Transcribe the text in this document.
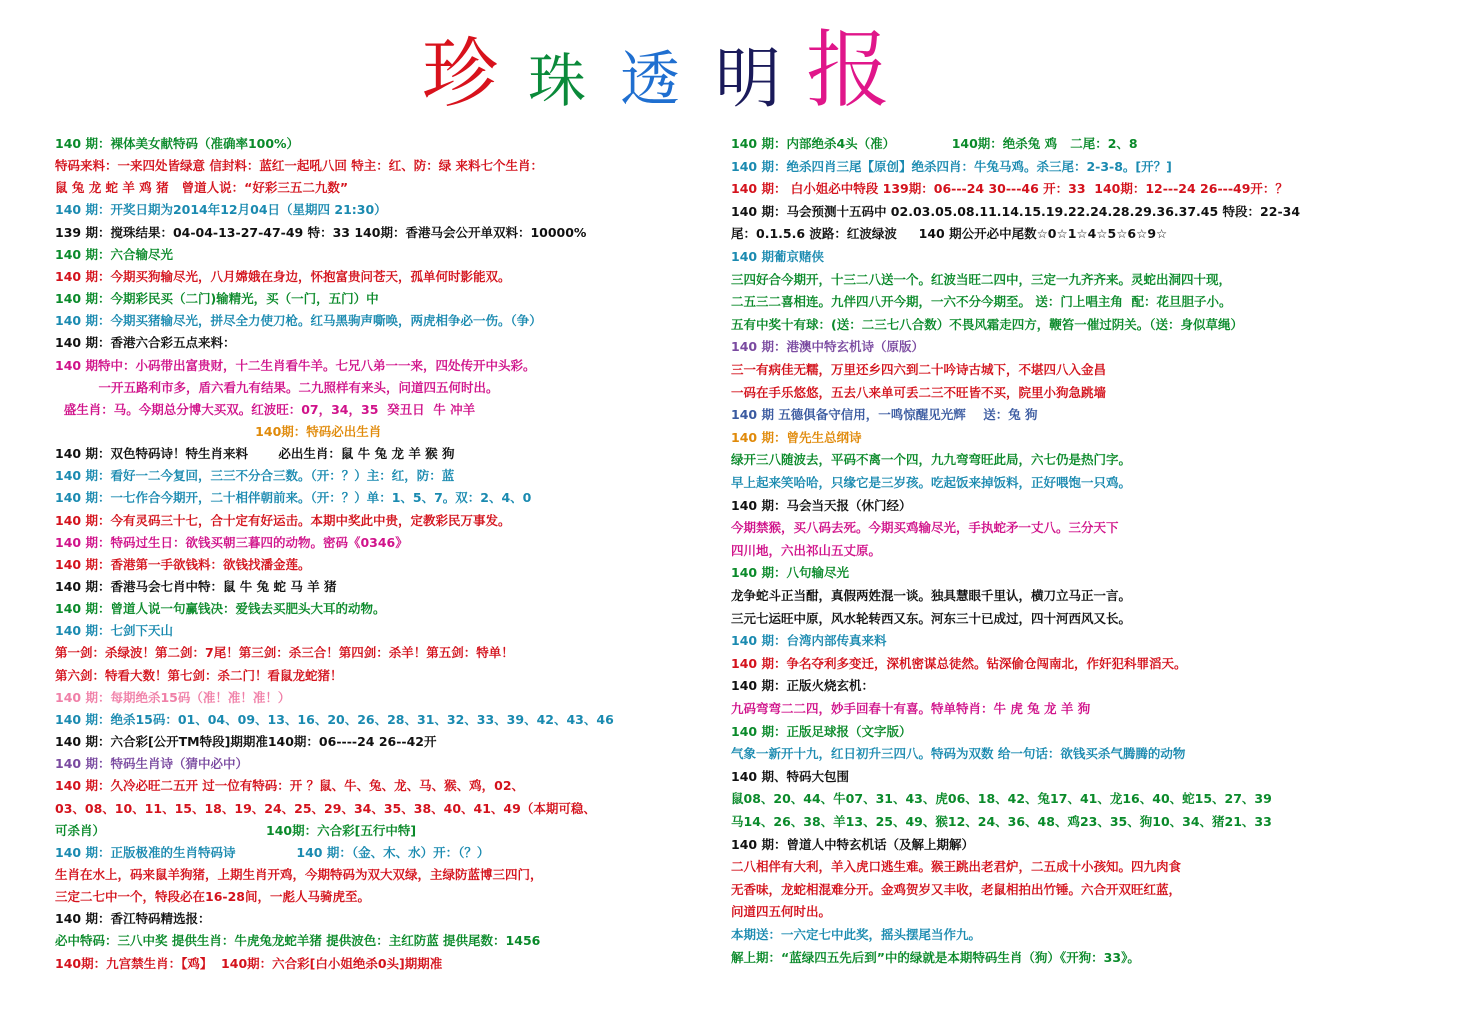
珍 珠 透 明 报
140 期：裸体美女献特码（准确率100%）
特码来料：一来四处皆绿意 信封料：蓝红一起吼八回 特主：红、防：绿 来料七个生肖：
鼠 兔 龙 蛇 羊 鸡 猪   曾道人说：“好彩三五二九数”
140 期：开奖日期为2014年12月04日（星期四 21:30）
139 期：搅珠结果：04-04-13-27-47-49 特：33 140期：香港马会公开单双料：10000%
140 期：六合输尽光
140 期：今期买狗输尽光，八月嫦娥在身边，怀抱富贵问苍天，孤单何时影能双。
140 期：今期彩民买（二门)输精光，买（一门，五门）中
140 期：今期买猪输尽光，拼尽全力使刀枪。红马黑驹声嘶唤，两虎相争必一伤。（争）
140 期：香港六合彩五点来料：
140 期特中：小码带出富贵财，十二生肖看牛羊。七兄八弟一一来，四处传开中头彩。
一开五路利市多，盾六看九有结果。二九照样有来头，问道四五何时出。
盛生肖：马。今期总分博大买双。红波旺：07，34，35  癸丑日  牛 冲羊
140期：特码必出生肖
140 期：双色特码诗！特生肖来料       必出生肖：鼠 牛 兔 龙 羊 猴 狗
140 期：看好一二今复回，三三不分合三数。（开：？）主：红，防：蓝
140 期：一七作合今期开，二十相伴朝前来。（开：？）单：1、5、7。双：2、4、0
140 期：今有灵码三十七，合十定有好运击。本期中奖此中贵，定教彩民万事发。
140 期：特码过生日：欲钱买朝三暮四的动物。密码《0346》
140 期：香港第一手欲钱料：欲钱找潘金莲。
140 期：香港马会七肖中特：鼠 牛 兔 蛇 马 羊 猪
140 期：曾道人说一句赢钱决：爱钱去买肥头大耳的动物。
140 期：七剑下天山
第一剑：杀绿波！第二剑：7尾！第三剑：杀三合！第四剑：杀羊！第五剑：特单！
第六剑：特看大数！第七剑：杀二门！看鼠龙蛇猪！
140 期：每期绝杀15码（准！准！准！）
140 期：绝杀15码：01、04、09、13、16、20、26、28、31、32、33、39、42、43、46
140 期：六合彩[公开TM特段]期期准140期：06----24 26--42开
140 期：特码生肖诗（猜中必中）
140 期：久冷必旺二五开 过一位有特码：开 ？鼠、牛、兔、龙、马、猴、鸡，02、
03、08、10、11、15、18、19、24、25、29、34、35、38、40、41、49（本期可稳、
可杀肖）                                     140期：六合彩[五行中特]
140 期：正版极准的生肖特码诗              140 期：（金、木、水）开：（？）
生肖在水上，码来鼠羊狗猪，上期生肖开鸡，今期特码为双大双绿，主绿防蓝博三四门，
三定二七中一个，特段必在16-28间，一彪人马骑虎至。
140 期：香江特码精选报：
必中特码：三八中奖 提供生肖：牛虎兔龙蛇羊猪 提供波色：主红防蓝 提供尾数：1456
140期：九宫禁生肖：【鸡】  140期：六合彩[白小姐绝杀0头]期期准
140 期：内部绝杀4头（准）             140期：绝杀兔 鸡   二尾：2、8
140 期：绝杀四肖三尾【原创】绝杀四肖：牛兔马鸡。杀三尾：2-3-8。[开？]
140 期： 白小姐必中特段 139期：06---24 30---46 开：33  140期：12---24 26---49开：？
140 期：马会预测十五码中 02.03.05.08.11.14.15.19.22.24.28.29.36.37.45 特段：22-34
尾：0.1.5.6 波路：红波绿波     140 期公开必中尾数☆0☆1☆4☆5☆6☆9☆
140 期葡京赌侠
三四好合今期开，十三二八送一个。红波当旺二四中，三定一九齐齐来。灵蛇出洞四十现，
二五三二喜相连。九伴四八开今期，一六不分今期至。 送：门上唱主角  配：花旦胆子小。
五有中奖十有球：(送：二三七八合数）不畏风霜走四方，鞭笞一催过阴关。（送：身似草绳）
140 期：港澳中特玄机诗（原版）
三一有病佳无糯，万里还乡四六到二十吟诗古城下，不堪四八入金昌
一码在手乐悠悠，五去八来单可丢二三不旺皆不买，院里小狗急跳墙
140 期 五德俱备守信用，一鸣惊醒见光辉    送：兔 狗
140 期：曾先生总纲诗
绿开三八随波去，平码不离一个四，九九弯弯旺此局，六七仍是热门字。
早上起来笑哈哈，只缘它是三岁孩。吃起饭来掉饭料，正好喂饱一只鸡。
140 期：马会当天报（休门经）
今期禁猴，买八码去死。今期买鸡输尽光，手执蛇矛一丈八。三分天下
四川地，六出祁山五丈原。
140 期：八句输尽光
龙争蛇斗正当酣，真假两姓混一谈。独具慧眼千里认，横刀立马正一言。
三元七运旺中原，风水轮转西又东。河东三十已成过，四十河西风又长。
140 期：台湾内部传真来料
140 期：争名夺利多变迁，深机密谋总徒然。钻深偷仓闯南北，作奸犯科罪滔天。
140 期：正版火烧玄机：
九码弯弯二二四，妙手回春十有喜。特单特肖：牛 虎 兔 龙 羊 狗
140 期：正版足球报（文字版）
气象一新开十九，红日初升三四八。特码为双数 给一句话：欲钱买杀气腾腾的动物
140 期、特码大包围
鼠08、20、44、牛07、31、43、虎06、18、42、兔17、41、龙16、40、蛇15、27、39
马14、26、38、羊13、25、49、猴12、24、36、48、鸡23、35、狗10、34、猪21、33
140 期：曾道人中特玄机话（及解上期解）
二八相伴有大利，羊入虎口逃生难。猴王跳出老君炉，二五成十小孩知。四九肉食
无香味，龙蛇相混难分开。金鸡贺岁又丰收，老鼠相拍出竹锤。六合开双旺红蓝，
问道四五何时出。
本期送：一六定七中此奖，摇头摆尾当作九。
解上期：“蓝绿四五先后到”中的绿就是本期特码生肖（狗）《开狗：33》。
